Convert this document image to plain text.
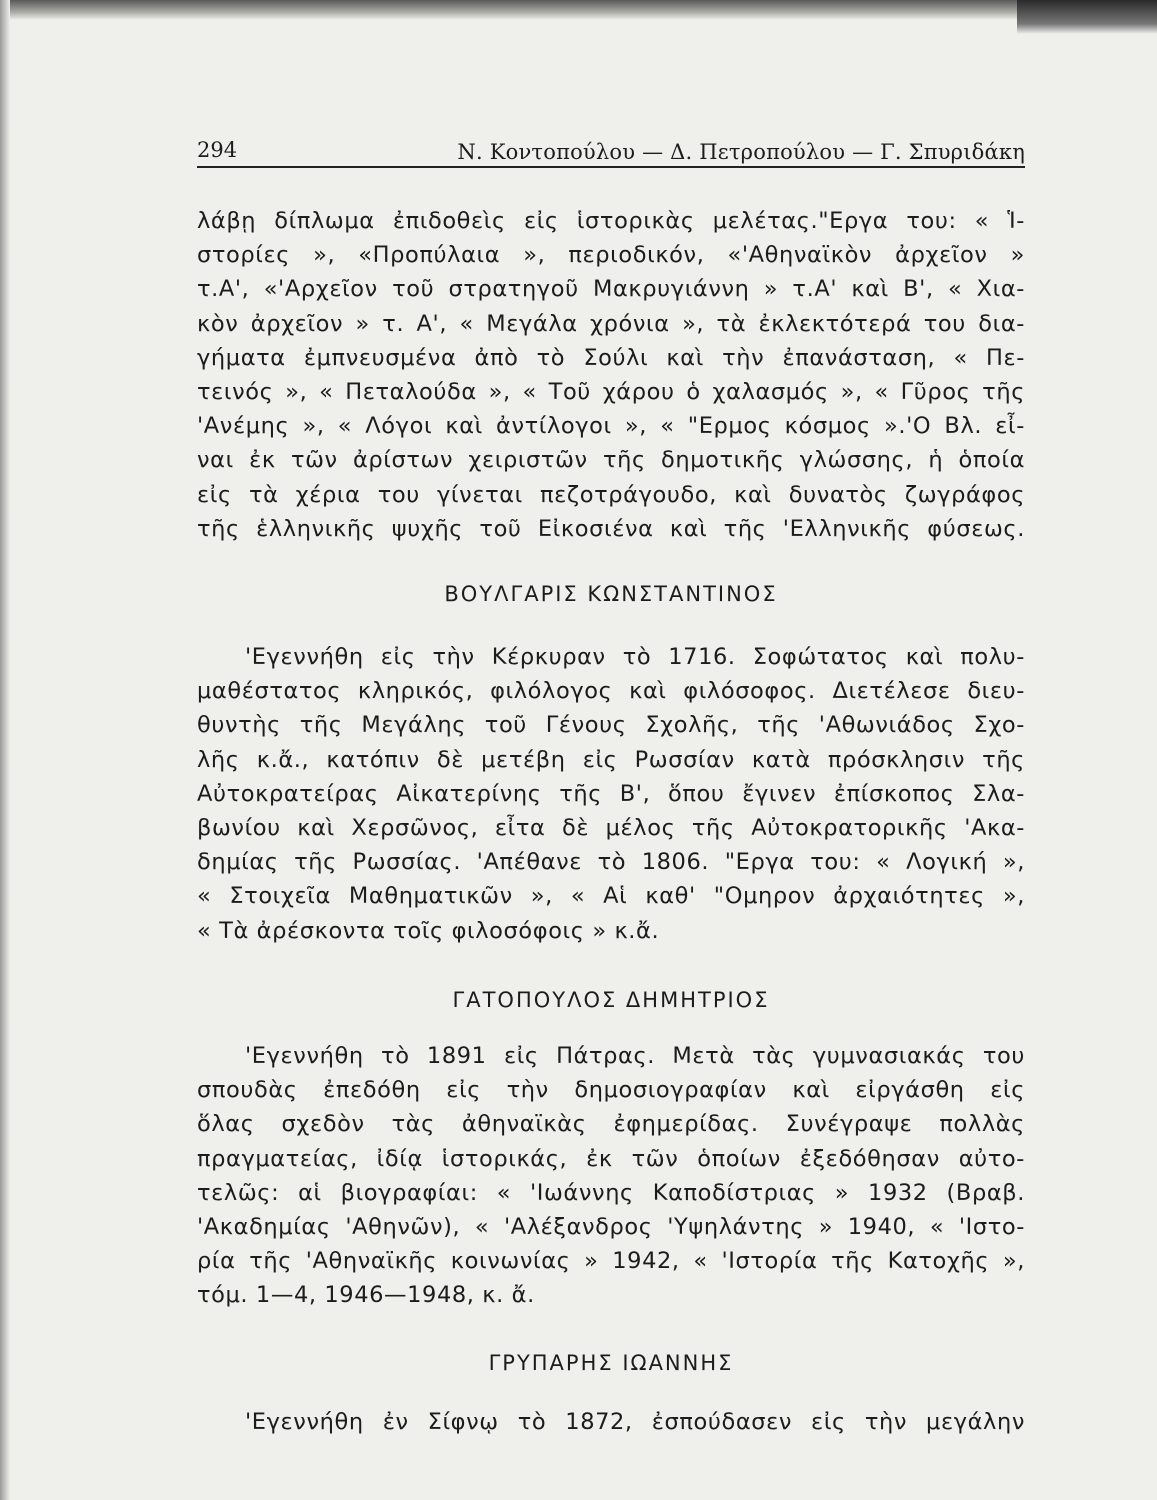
294	Ν. Κοντοπούλου — Δ. Πετροπούλου — Γ. Σπυριδάκη
λάβῃ δίπλωμα ἐπιδοθεὶς εἰς ἱστορικὰς μελέτας."Εργα του: « Ἱ-
στορίες », «Προπύλαια », περιοδικόν, «'Αθηναϊκὸν ἀρχεῖον »
τ.Α', «'Αρχεῖον τοῦ στρατηγοῦ Μακρυγιάννη » τ.Α' καὶ Β', « Χια-
κὸν ἀρχεῖον » τ. Α', « Μεγάλα χρόνια », τὰ ἐκλεκτότερά του δια-
γήματα ἐμπνευσμένα ἀπὸ τὸ Σούλι καὶ τὴν ἐπανάσταση, « Πε-
τεινός », « Πεταλούδα », « Τοῦ χάρου ὁ χαλασμός », « Γῦρος τῆς
'Ανέμης », « Λόγοι καὶ ἀντίλογοι », « "Ερμος κόσμος ».'Ο Βλ. εἶ-
ναι ἐκ τῶν ἀρίστων χειριστῶν τῆς δημοτικῆς γλώσσης, ἡ ὁποία
εἰς τὰ χέρια του γίνεται πεζοτράγουδο, καὶ δυνατὸς ζωγράφος
τῆς ἑλληνικῆς ψυχῆς τοῦ Εἰκοσιένα καὶ τῆς 'Ελληνικῆς φύσεως.
ΒΟΥΛΓΑΡΙΣ ΚΩΝΣΤΑΝΤΙΝΟΣ
'Εγεννήθη εἰς τὴν Κέρκυραν τὸ 1716. Σοφώτατος καὶ πολυ-
μαθέστατος κληρικός, φιλόλογος καὶ φιλόσοφος. Διετέλεσε διευ-
θυντὴς τῆς Μεγάλης τοῦ Γένους Σχολῆς, τῆς 'Αθωνιάδος Σχο-
λῆς κ.ἄ., κατόπιν δὲ μετέβη εἰς Ρωσσίαν κατὰ πρόσκλησιν τῆς
Αὐτοκρατείρας Αἰκατερίνης τῆς Β', ὅπου ἔγινεν ἐπίσκοπος Σλα-
βωνίου καὶ Χερσῶνος, εἶτα δὲ μέλος τῆς Αὐτοκρατορικῆς 'Ακα-
δημίας τῆς Ρωσσίας. 'Απέθανε τὸ 1806. "Εργα του: « Λογική »,
« Στοιχεῖα Μαθηματικῶν », « Αἱ καθ' "Ομηρον ἀρχαιότητες »,
« Τὰ ἀρέσκοντα τοῖς φιλοσόφοις » κ.ἄ.
ΓΑΤΟΠΟΥΛΟΣ ΔΗΜΗΤΡΙΟΣ
'Εγεννήθη τὸ 1891 εἰς Πάτρας. Μετὰ τὰς γυμνασιακάς του
σπουδὰς ἐπεδόθη εἰς τὴν δημοσιογραφίαν καὶ εἰργάσθη εἰς
ὅλας σχεδὸν τὰς ἀθηναϊκὰς ἐφημερίδας. Συνέγραψε πολλὰς
πραγματείας, ἰδίᾳ ἱστορικάς, ἐκ τῶν ὁποίων ἐξεδόθησαν αὐτο-
τελῶς: αἱ βιογραφίαι: « 'Ιωάννης Καποδίστριας » 1932 (Βραβ.
'Ακαδημίας 'Αθηνῶν), « 'Αλέξανδρος 'Υψηλάντης » 1940, « 'Ιστο-
ρία τῆς 'Αθηναϊκῆς κοινωνίας » 1942, « 'Ιστορία τῆς Κατοχῆς »,
τόμ. 1—4, 1946—1948, κ. ἄ.
ΓΡΥΠΑΡΗΣ ΙΩΑΝΝΗΣ
'Εγεννήθη ἐν Σίφνῳ τὸ 1872, ἐσπούδασεν εἰς τὴν μεγάλην
